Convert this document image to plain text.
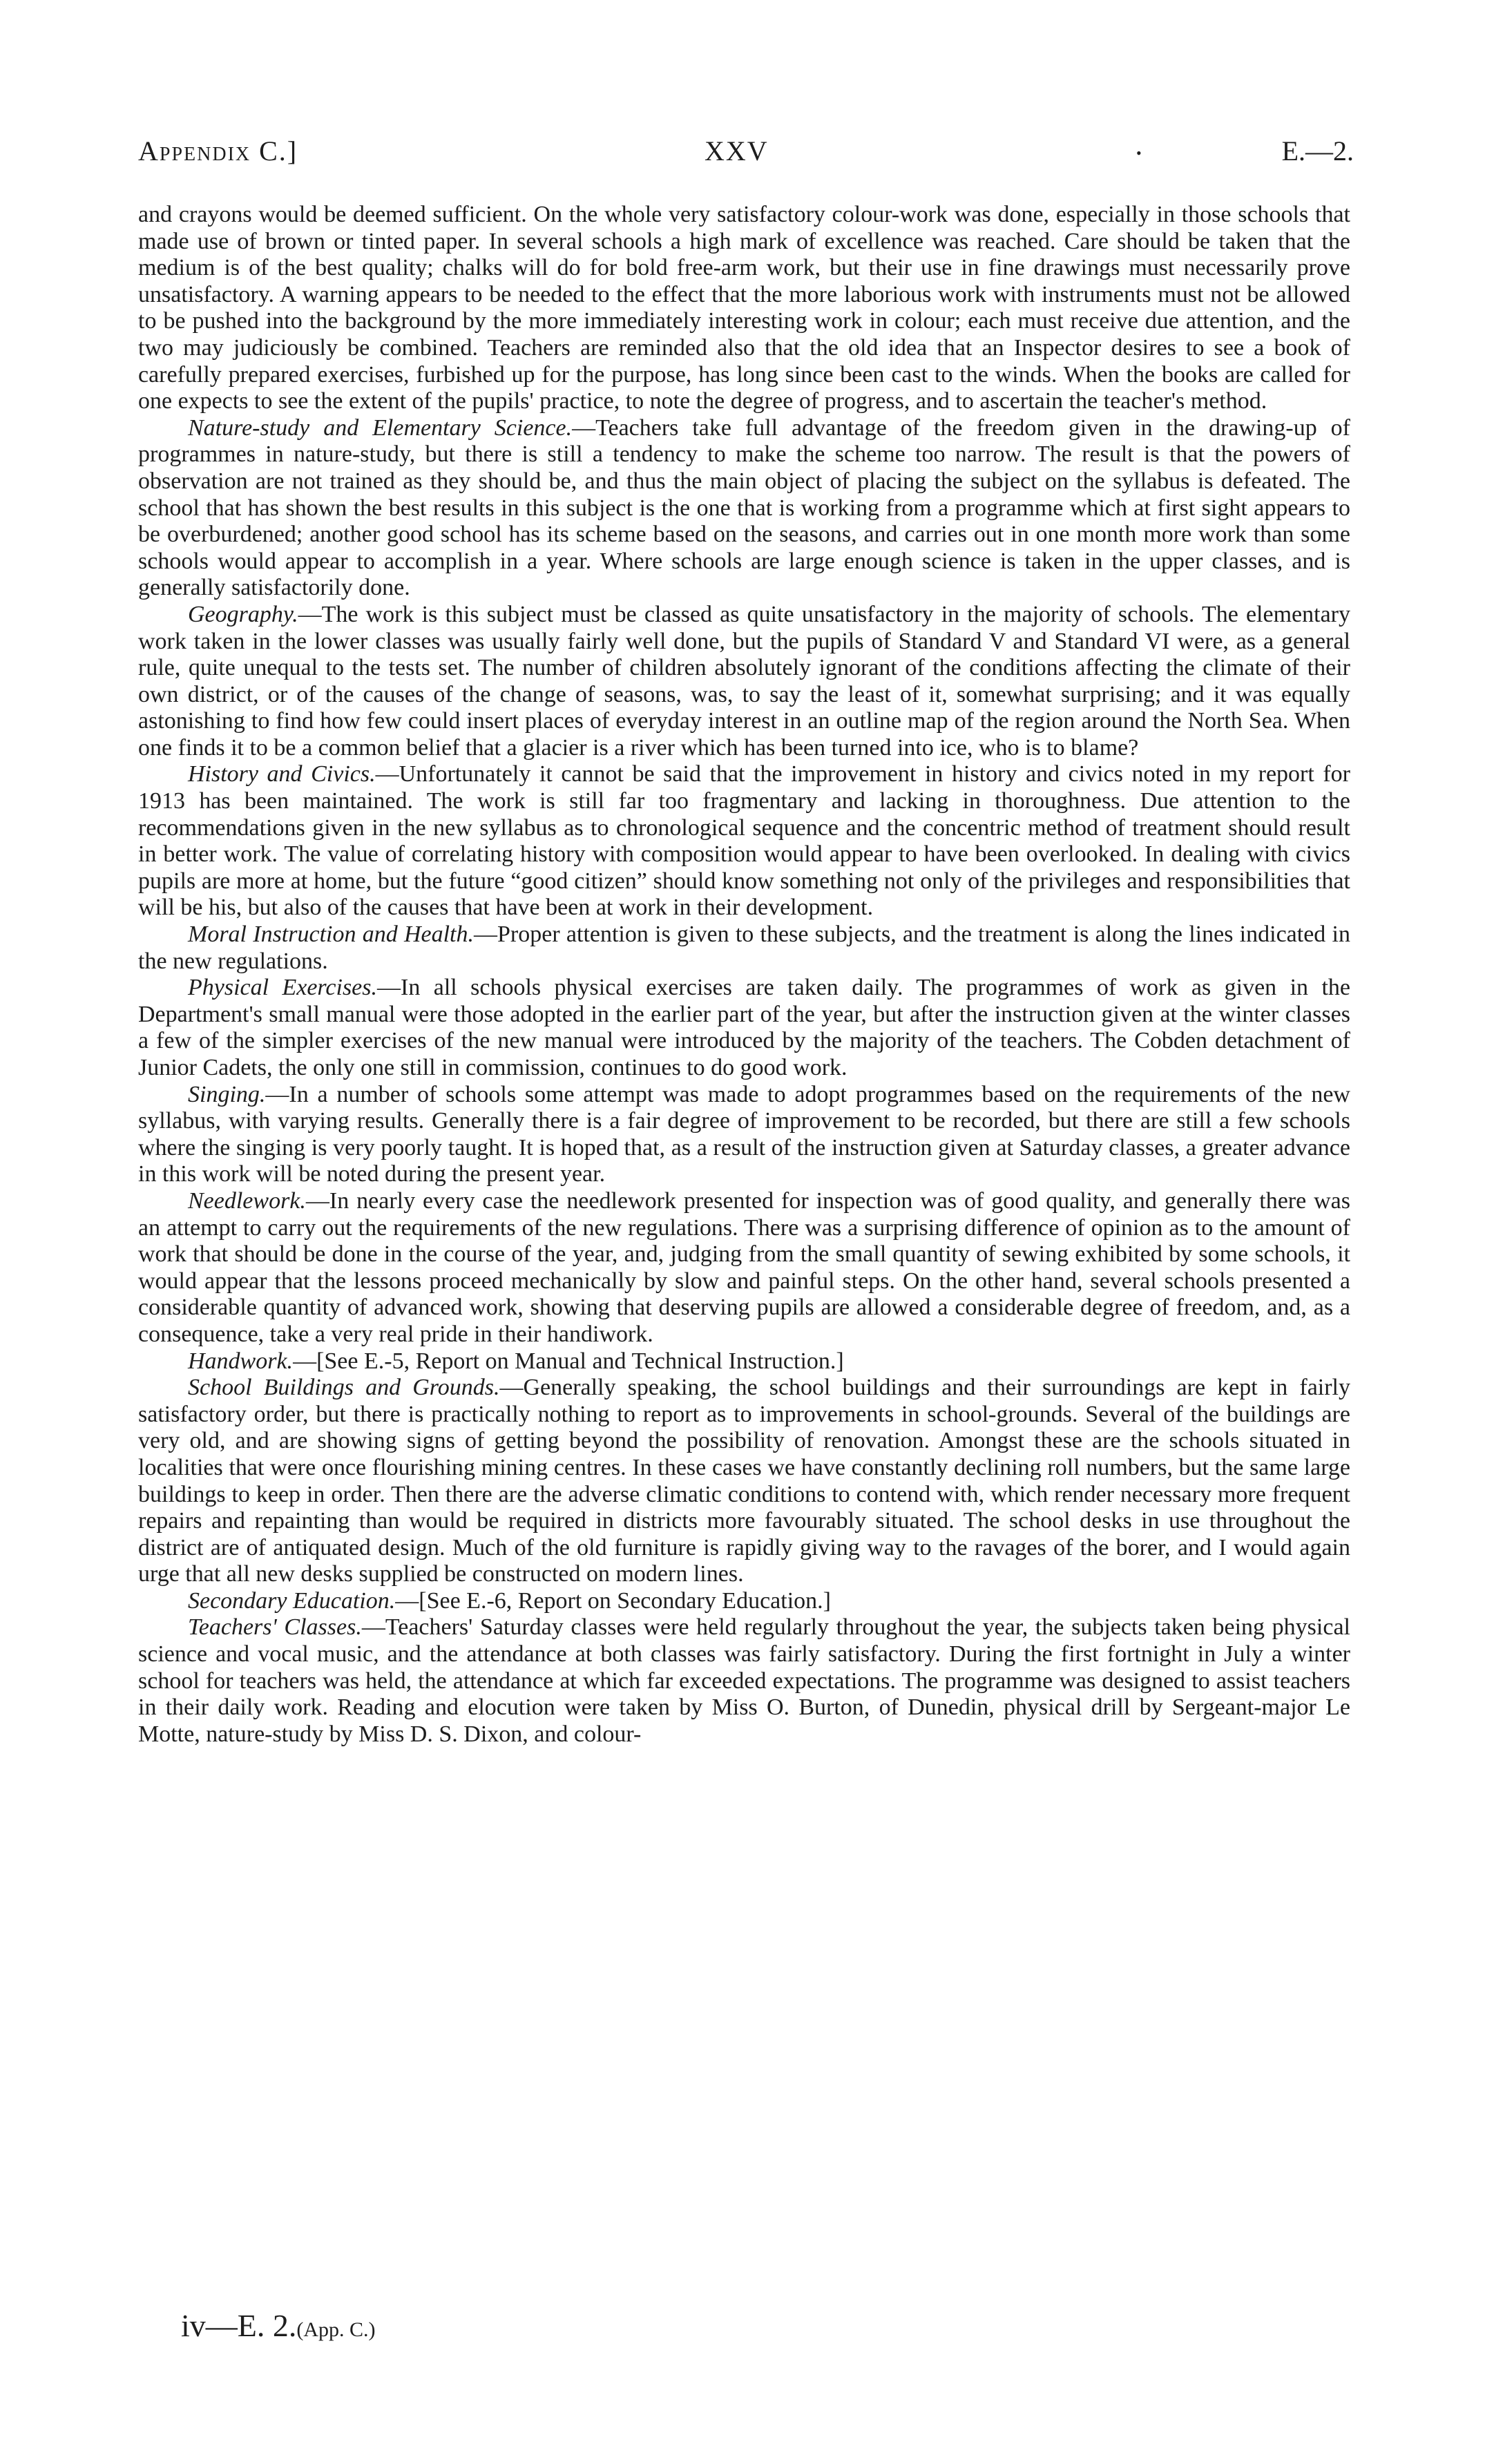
Appendix C.]	XXV	•	E.—2.

and crayons would be deemed sufficient. On the whole very satisfactory colour-work was done, especially in those schools that made use of brown or tinted paper. In several schools a high mark of excellence was reached. Care should be taken that the medium is of the best quality; chalks will do for bold free-arm work, but their use in fine drawings must necessarily prove unsatisfactory. A warning appears to be needed to the effect that the more laborious work with instruments must not be allowed to be pushed into the background by the more immediately interesting work in colour; each must receive due attention, and the two may judiciously be combined. Teachers are reminded also that the old idea that an Inspector desires to see a book of carefully prepared exercises, furbished up for the purpose, has long since been cast to the winds. When the books are called for one expects to see the extent of the pupils' practice, to note the degree of progress, and to ascertain the teacher's method.

Nature-study and Elementary Science.—Teachers take full advantage of the freedom given in the drawing-up of programmes in nature-study, but there is still a tendency to make the scheme too narrow. The result is that the powers of observation are not trained as they should be, and thus the main object of placing the subject on the syllabus is defeated. The school that has shown the best results in this subject is the one that is working from a programme which at first sight appears to be overburdened; another good school has its scheme based on the seasons, and carries out in one month more work than some schools would appear to accomplish in a year. Where schools are large enough science is taken in the upper classes, and is generally satisfactorily done.

Geography.—The work is this subject must be classed as quite unsatisfactory in the majority of schools. The elementary work taken in the lower classes was usually fairly well done, but the pupils of Standard V and Standard VI were, as a general rule, quite unequal to the tests set. The number of children absolutely ignorant of the conditions affecting the climate of their own district, or of the causes of the change of seasons, was, to say the least of it, somewhat surprising; and it was equally astonishing to find how few could insert places of everyday interest in an outline map of the region around the North Sea. When one finds it to be a common belief that a glacier is a river which has been turned into ice, who is to blame?

History and Civics.—Unfortunately it cannot be said that the improvement in history and civics noted in my report for 1913 has been maintained. The work is still far too fragmentary and lacking in thoroughness. Due attention to the recommendations given in the new syllabus as to chronological sequence and the concentric method of treatment should result in better work. The value of correlating history with composition would appear to have been overlooked. In dealing with civics pupils are more at home, but the future “good citizen” should know something not only of the privileges and responsibilities that will be his, but also of the causes that have been at work in their development.

Moral Instruction and Health.—Proper attention is given to these subjects, and the treatment is along the lines indicated in the new regulations.

Physical Exercises.—In all schools physical exercises are taken daily. The programmes of work as given in the Department's small manual were those adopted in the earlier part of the year, but after the instruction given at the winter classes a few of the simpler exercises of the new manual were introduced by the majority of the teachers. The Cobden detachment of Junior Cadets, the only one still in commission, continues to do good work.

Singing.—In a number of schools some attempt was made to adopt programmes based on the requirements of the new syllabus, with varying results. Generally there is a fair degree of improvement to be recorded, but there are still a few schools where the singing is very poorly taught. It is hoped that, as a result of the instruction given at Saturday classes, a greater advance in this work will be noted during the present year.

Needlework.—In nearly every case the needlework presented for inspection was of good quality, and generally there was an attempt to carry out the requirements of the new regulations. There was a surprising difference of opinion as to the amount of work that should be done in the course of the year, and, judging from the small quantity of sewing exhibited by some schools, it would appear that the lessons proceed mechanically by slow and painful steps. On the other hand, several schools presented a considerable quantity of advanced work, showing that deserving pupils are allowed a considerable degree of freedom, and, as a consequence, take a very real pride in their handiwork.

Handwork.—[See E.-5, Report on Manual and Technical Instruction.]

School Buildings and Grounds.—Generally speaking, the school buildings and their surroundings are kept in fairly satisfactory order, but there is practically nothing to report as to improvements in school-grounds. Several of the buildings are very old, and are showing signs of getting beyond the possibility of renovation. Amongst these are the schools situated in localities that were once flourishing mining centres. In these cases we have constantly declining roll numbers, but the same large buildings to keep in order. Then there are the adverse climatic conditions to contend with, which render necessary more frequent repairs and repainting than would be required in districts more favourably situated. The school desks in use throughout the district are of antiquated design. Much of the old furniture is rapidly giving way to the ravages of the borer, and I would again urge that all new desks supplied be constructed on modern lines.

Secondary Education.—[See E.-6, Report on Secondary Education.]

Teachers' Classes.—Teachers' Saturday classes were held regularly throughout the year, the subjects taken being physical science and vocal music, and the attendance at both classes was fairly satisfactory. During the first fortnight in July a winter school for teachers was held, the attendance at which far exceeded expectations. The programme was designed to assist teachers in their daily work. Reading and elocution were taken by Miss O. Burton, of Dunedin, physical drill by Sergeant-major Le Motte, nature-study by Miss D. S. Dixon, and colour-

iv—E. 2.(App. C.)
